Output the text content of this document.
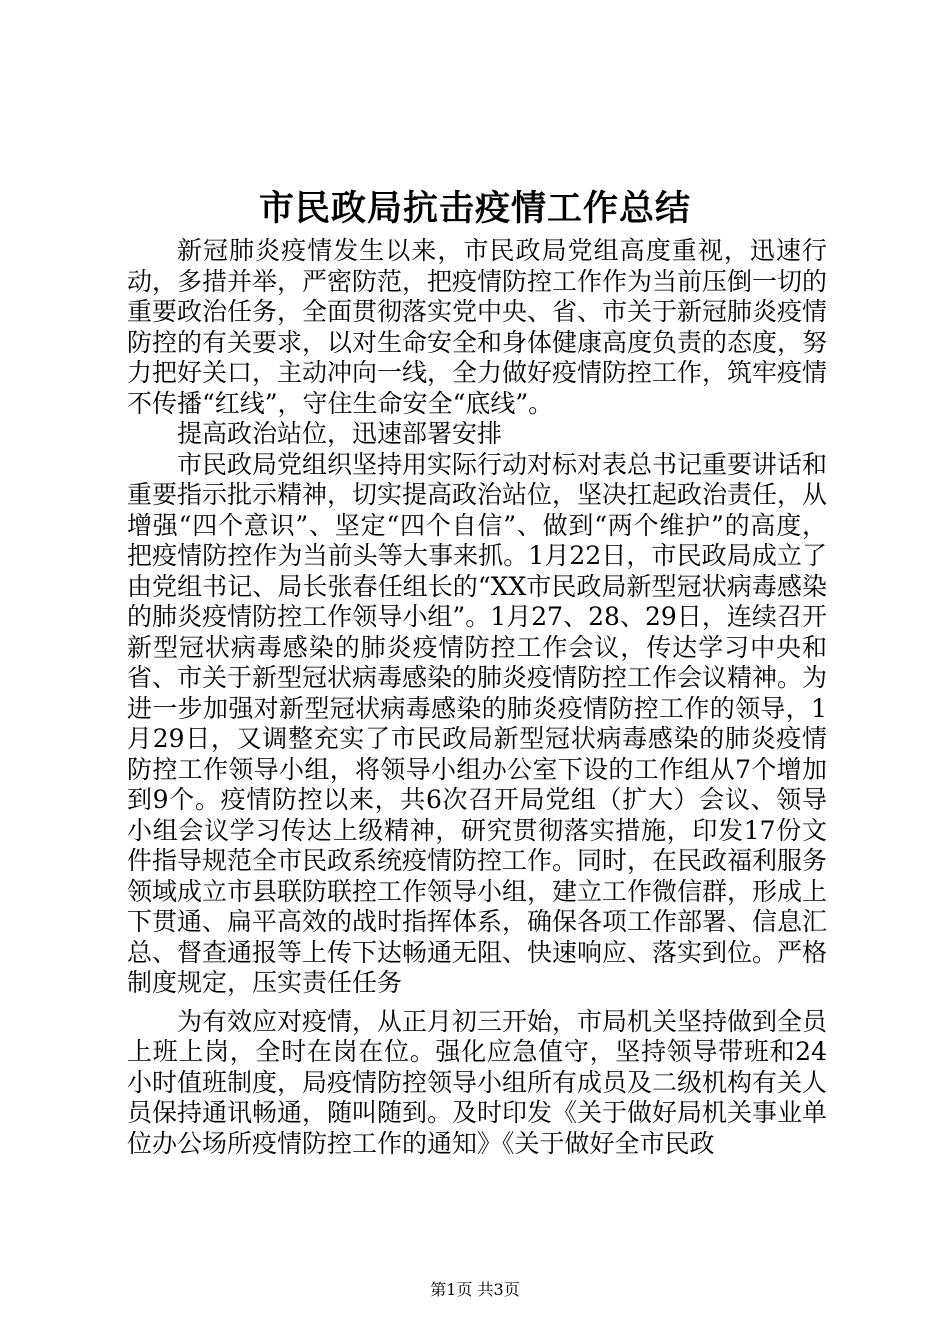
市民政局抗击疫情工作总结

新冠肺炎疫情发生以来，市民政局党组高度重视，迅速行动，多措并举，严密防范，把疫情防控工作作为当前压倒一切的重要政治任务，全面贯彻落实党中央、省、市关于新冠肺炎疫情防控的有关要求，以对生命安全和身体健康高度负责的态度，努力把好关口，主动冲向一线，全力做好疫情防控工作，筑牢疫情不传播“红线”，守住生命安全“底线”。

提高政治站位，迅速部署安排

市民政局党组织坚持用实际行动对标对表总书记重要讲话和重要指示批示精神，切实提高政治站位，坚决扛起政治责任，从增强“四个意识”、坚定“四个自信”、做到“两个维护”的高度，把疫情防控作为当前头等大事来抓。1月22日，市民政局成立了由党组书记、局长张春任组长的“XX市民政局新型冠状病毒感染的肺炎疫情防控工作领导小组”。1月27、28、29日，连续召开新型冠状病毒感染的肺炎疫情防控工作会议，传达学习中央和省、市关于新型冠状病毒感染的肺炎疫情防控工作会议精神。为进一步加强对新型冠状病毒感染的肺炎疫情防控工作的领导，1月29日，又调整充实了市民政局新型冠状病毒感染的肺炎疫情防控工作领导小组，将领导小组办公室下设的工作组从7个增加到9个。疫情防控以来，共6次召开局党组（扩大）会议、领导小组会议学习传达上级精神，研究贯彻落实措施，印发17份文件指导规范全市民政系统疫情防控工作。同时，在民政福利服务领域成立市县联防联控工作领导小组，建立工作微信群，形成上下贯通、扁平高效的战时指挥体系，确保各项工作部署、信息汇总、督查通报等上传下达畅通无阻、快速响应、落实到位。严格制度规定，压实责任任务

为有效应对疫情，从正月初三开始，市局机关坚持做到全员上班上岗，全时在岗在位。强化应急值守，坚持领导带班和24小时值班制度，局疫情防控领导小组所有成员及二级机构有关人员保持通讯畅通，随叫随到。及时印发《关于做好局机关事业单位办公场所疫情防控工作的通知》《关于做好全市民政

第1页 共3页
